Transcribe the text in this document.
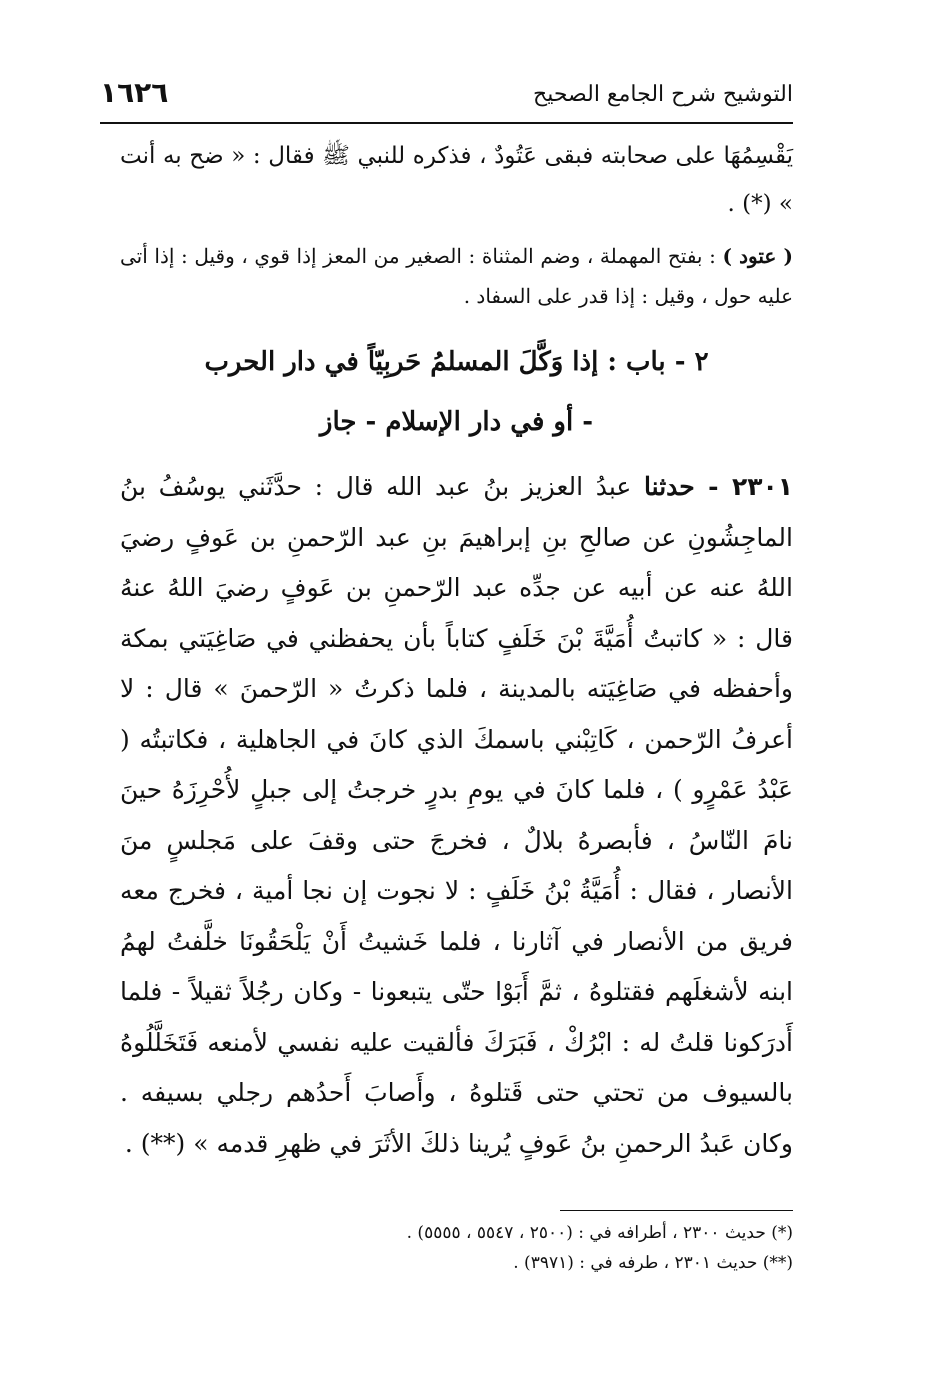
١٦٢٦	التوشيح شرح الجامع الصحيح

يَقْسِمُهَا على صحابته فبقى عَتُودٌ ، فذكره للنبي ﷺ فقال : « ضح به أنت » (*) .

( عتود ) : بفتح المهملة ، وضم المثناة : الصغير من المعز إذا قوي ، وقيل : إذا أتى عليه حول ، وقيل : إذا قدر على السفاد .

٢ - باب : إذا وَكَّلَ المسلمُ حَربِيّاً في دار الحرب
- أو في دار الإسلام - جاز

٢٣٠١ - حدثنا عبدُ العزيز بنُ عبد الله قال : حدَّثَني يوسُفُ بنُ الماجِشُونِ عن صالحِ بنِ إبراهيمَ بنِ عبد الرّحمنِ بن عَوفٍ رضيَ اللهُ عنه عن أبيه عن جدِّه عبد الرّحمنِ بن عَوفٍ رضيَ اللهُ عنهُ قال : « كاتبتُ أُمَيَّةَ بْنَ خَلَفٍ كتاباً بأن يحفظني في صَاغِيَتي بمكة وأحفظه في صَاغِيَته بالمدينة ، فلما ذكرتُ « الرّحمنَ » قال : لا أعرفُ الرّحمن ، كَاتِبْني باسمكَ الذي كانَ في الجاهلية ، فكاتبتُه ( عَبْدُ عَمْرٍو ) ، فلما كانَ في يومِ بدرٍ خرجتُ إلى جبلٍ لأُحْرِزَهُ حينَ نامَ النّاسُ ، فأبصرهُ بلالٌ ، فخرجَ حتى وقفَ على مَجلسٍ منَ الأنصار ، فقال : أُمَيَّةُ بْنُ خَلَفٍ : لا نجوت إن نجا أمية ، فخرج معه فريق من الأنصار في آثارنا ، فلما خَشيتُ أَنْ يَلْحَقُونَا خلَّفتُ لهمُ ابنه لأشغلَهم فقتلوهُ ، ثمَّ أَبَوْا حتّى يتبعونا - وكان رجُلاً ثقيلاً - فلما أَدرَكونا قلتُ له : ابْرُكْ ، فَبَرَكَ فألقيت عليه نفسي لأمنعه فَتَخَلَّلُوهُ بالسيوف من تحتي حتى قَتلوهُ ، وأَصابَ أَحدُهم رجلي بسيفه . وكان عَبدُ الرحمنِ بنُ عَوفٍ يُرينا ذلكَ الأثَرَ في ظهرِ قدمه » (**) .

(*) حديث ٢٣٠٠ ، أطرافه في : (٢٥٠٠ ، ٥٥٤٧ ، ٥٥٥٥) .
(**) حديث ٢٣٠١ ، طرفه في : (٣٩٧١) .
